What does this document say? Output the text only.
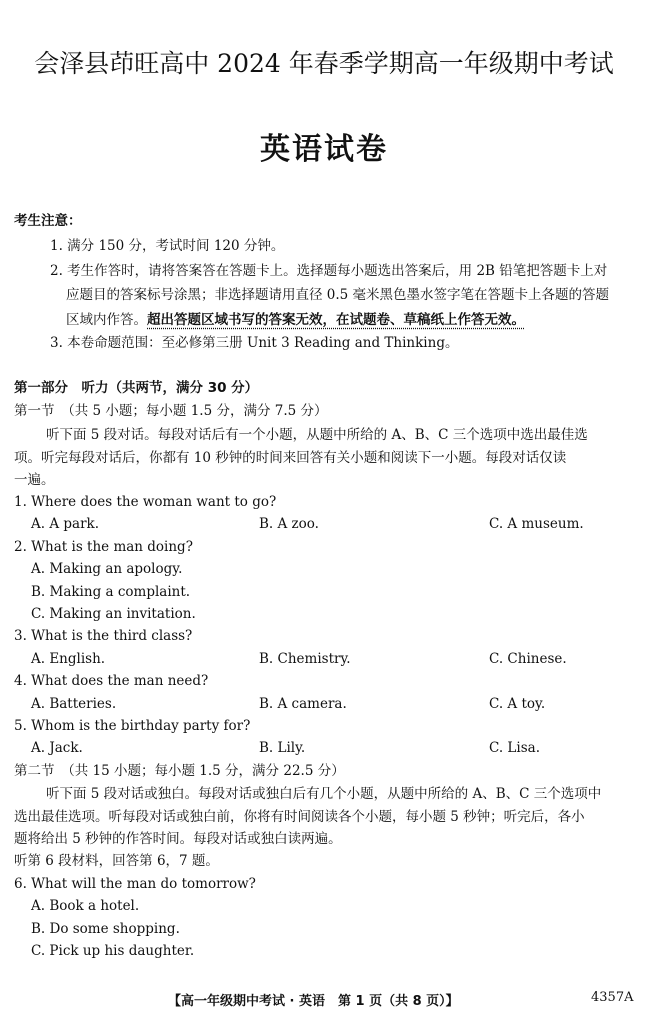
会泽县茚旺高中 2024 年春季学期高一年级期中考试
英语试卷
考生注意：
1. 满分 150 分，考试时间 120 分钟。
2. 考生作答时，请将答案答在答题卡上。选择题每小题选出答案后，用 2B 铅笔把答题卡上对
应题目的答案标号涂黑；非选择题请用直径 0.5 毫米黑色墨水签字笔在答题卡上各题的答题
区域内作答。超出答题区域书写的答案无效，在试题卷、草稿纸上作答无效。
3. 本卷命题范围：至必修第三册 Unit 3 Reading and Thinking。
第一部分　听力（共两节，满分 30 分）
第一节　（共 5 小题；每小题 1.5 分，满分 7.5 分）
听下面 5 段对话。每段对话后有一个小题，从题中所给的 A、B、C 三个选项中选出最佳选
项。听完每段对话后，你都有 10 秒钟的时间来回答有关小题和阅读下一小题。每段对话仅读
一遍。
1. Where does the woman want to go?
A. A park.	B. A zoo.	C. A museum.
2. What is the man doing?
A. Making an apology.
B. Making a complaint.
C. Making an invitation.
3. What is the third class?
A. English.	B. Chemistry.	C. Chinese.
4. What does the man need?
A. Batteries.	B. A camera.	C. A toy.
5. Whom is the birthday party for?
A. Jack.	B. Lily.	C. Lisa.
第二节　（共 15 小题；每小题 1.5 分，满分 22.5 分）
听下面 5 段对话或独白。每段对话或独白后有几个小题，从题中所给的 A、B、C 三个选项中
选出最佳选项。听每段对话或独白前，你将有时间阅读各个小题，每小题 5 秒钟；听完后，各小
题将给出 5 秒钟的作答时间。每段对话或独白读两遍。
听第 6 段材料，回答第 6，7 题。
6. What will the man do tomorrow?
A. Book a hotel.
B. Do some shopping.
C. Pick up his daughter.
【高一年级期中考试 · 英语　第 1 页（共 8 页）】	4357A
